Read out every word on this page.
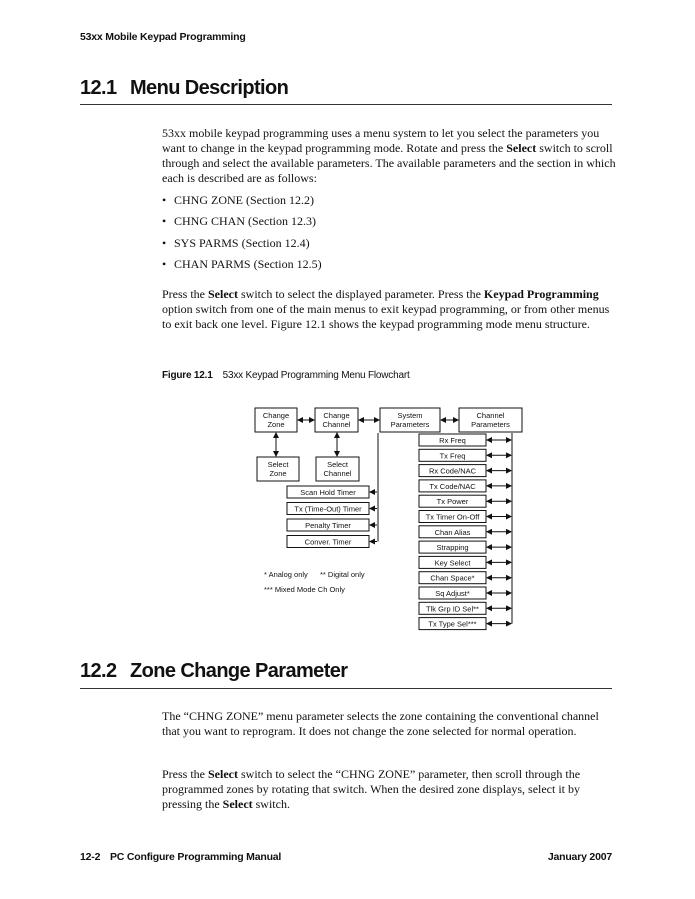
53xx Mobile Keypad Programming
12.1 Menu Description

53xx mobile keypad programming uses a menu system to let you select the parameters you want to change in the keypad programming mode. Rotate and press the Select switch to scroll through and select the available parameters. The available parameters and the section in which each is described are as follows:

• CHNG ZONE (Section 12.2)
• CHNG CHAN (Section 12.3)
• SYS PARMS (Section 12.4)
• CHAN PARMS (Section 12.5)

Press the Select switch to select the displayed parameter. Press the Keypad Programming option switch from one of the main menus to exit keypad programming, or from other menus to exit back one level. Figure 12.1 shows the keypad programming mode menu structure.

Figure 12.1 53xx Keypad Programming Menu Flowchart
Change
Zone
Change
Channel
System
Parameters
Channel
Parameters
Select
Zone
Select
Channel
Scan Hold Timer
Tx (Time-Out) Timer
Penalty Timer
Conver. Timer
Rx Freq
Tx Freq
Rx Code/NAC
Tx Code/NAC
Tx Power
Tx Timer On-Off
Chan Alias
Strapping
Key Select
Chan Space*
Sq Adjust*
Tlk Grp ID Sel**
Tx Type Sel***
* Analog only ** Digital only
*** Mixed Mode Ch Only
12.2 Zone Change Parameter

The “CHNG ZONE” menu parameter selects the zone containing the conventional channel that you want to reprogram. It does not change the zone selected for normal operation.

Press the Select switch to select the “CHNG ZONE” parameter, then scroll through the programmed zones by rotating that switch. When the desired zone displays, select it by pressing the Select switch.

12-2 PC Configure Programming Manual	January 2007
